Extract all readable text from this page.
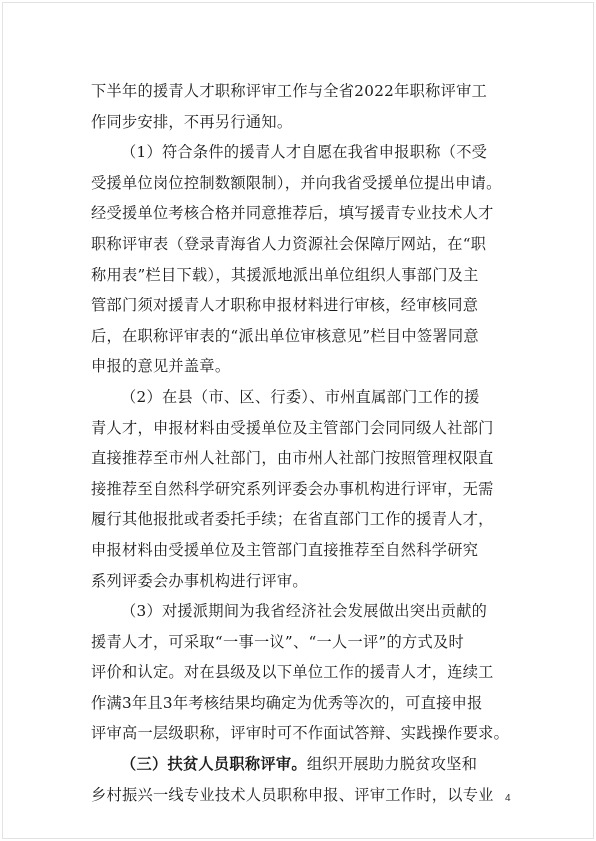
下半年的援青人才职称评审工作与全省2022年职称评审工
作同步安排，不再另行通知。
（1）符合条件的援青人才自愿在我省申报职称（不受
受援单位岗位控制数额限制），并向我省受援单位提出申请。
经受援单位考核合格并同意推荐后，填写援青专业技术人才
职称评审表（登录青海省人力资源社会保障厅网站，在“职
称用表”栏目下载），其援派地派出单位组织人事部门及主
管部门须对援青人才职称申报材料进行审核，经审核同意
后，在职称评审表的“派出单位审核意见”栏目中签署同意
申报的意见并盖章。
（2）在县（市、区、行委）、市州直属部门工作的援
青人才，申报材料由受援单位及主管部门会同同级人社部门
直接推荐至市州人社部门，由市州人社部门按照管理权限直
接推荐至自然科学研究系列评委会办事机构进行评审，无需
履行其他报批或者委托手续；在省直部门工作的援青人才，
申报材料由受援单位及主管部门直接推荐至自然科学研究
系列评委会办事机构进行评审。
（3）对援派期间为我省经济社会发展做出突出贡献的
援青人才，可采取“一事一议”、“一人一评”的方式及时
评价和认定。对在县级及以下单位工作的援青人才，连续工
作满3年且3年考核结果均确定为优秀等次的，可直接申报
评审高一层级职称，评审时可不作面试答辩、实践操作要求。
（三）扶贫人员职称评审。组织开展助力脱贫攻坚和
乡村振兴一线专业技术人员职称申报、评审工作时，以专业	4
